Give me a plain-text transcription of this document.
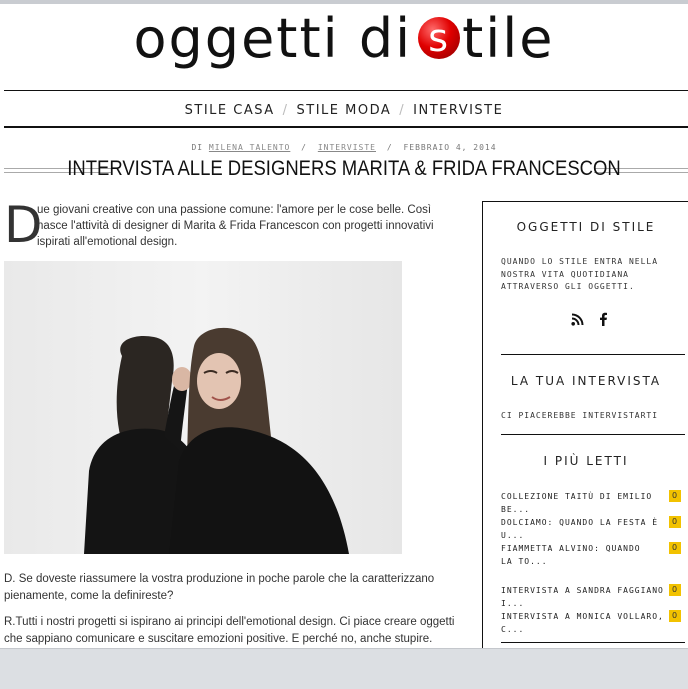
oggetti di s tile
STILE CASA / STILE MODA / INTERVISTE
DI MILENA TALENTO / INTERVISTE / FEBBRAIO 4, 2014
INTERVISTA ALLE DESIGNERS MARITA & FRIDA FRANCESCON
D
ue giovani creative con una passione comune: l'amore per le cose belle. Così nasce l'attività di designer di Marita & Frida Francescon con progetti innovativi ispirati all'emotional design.
D. Se doveste riassumere la vostra produzione in poche parole che la caratterizzano pienamente, come la definireste?
R.Tutti i nostri progetti si ispirano ai principi dell'emotional design. Ci piace creare oggetti che sappiano comunicare e suscitare emozioni positive. E perché no, anche stupire.
OGGETTI DI STILE
QUANDO LO STILE ENTRA NELLA NOSTRA VITA QUOTIDIANA ATTRAVERSO GLI OGGETTI.
LA TUA INTERVISTA
CI PIACEREBBE INTERVISTARTI
I PIÙ LETTI
COLLEZIONE TAITÙ DI EMILIO BE...
0
DOLCIAMO: QUANDO LA FESTA È U...
0
FIAMMETTA ALVINO: QUANDO LA TO...
0
INTERVISTA A SANDRA FAGGIANO I...
0
INTERVISTA A MONICA VOLLARO, C...
0
